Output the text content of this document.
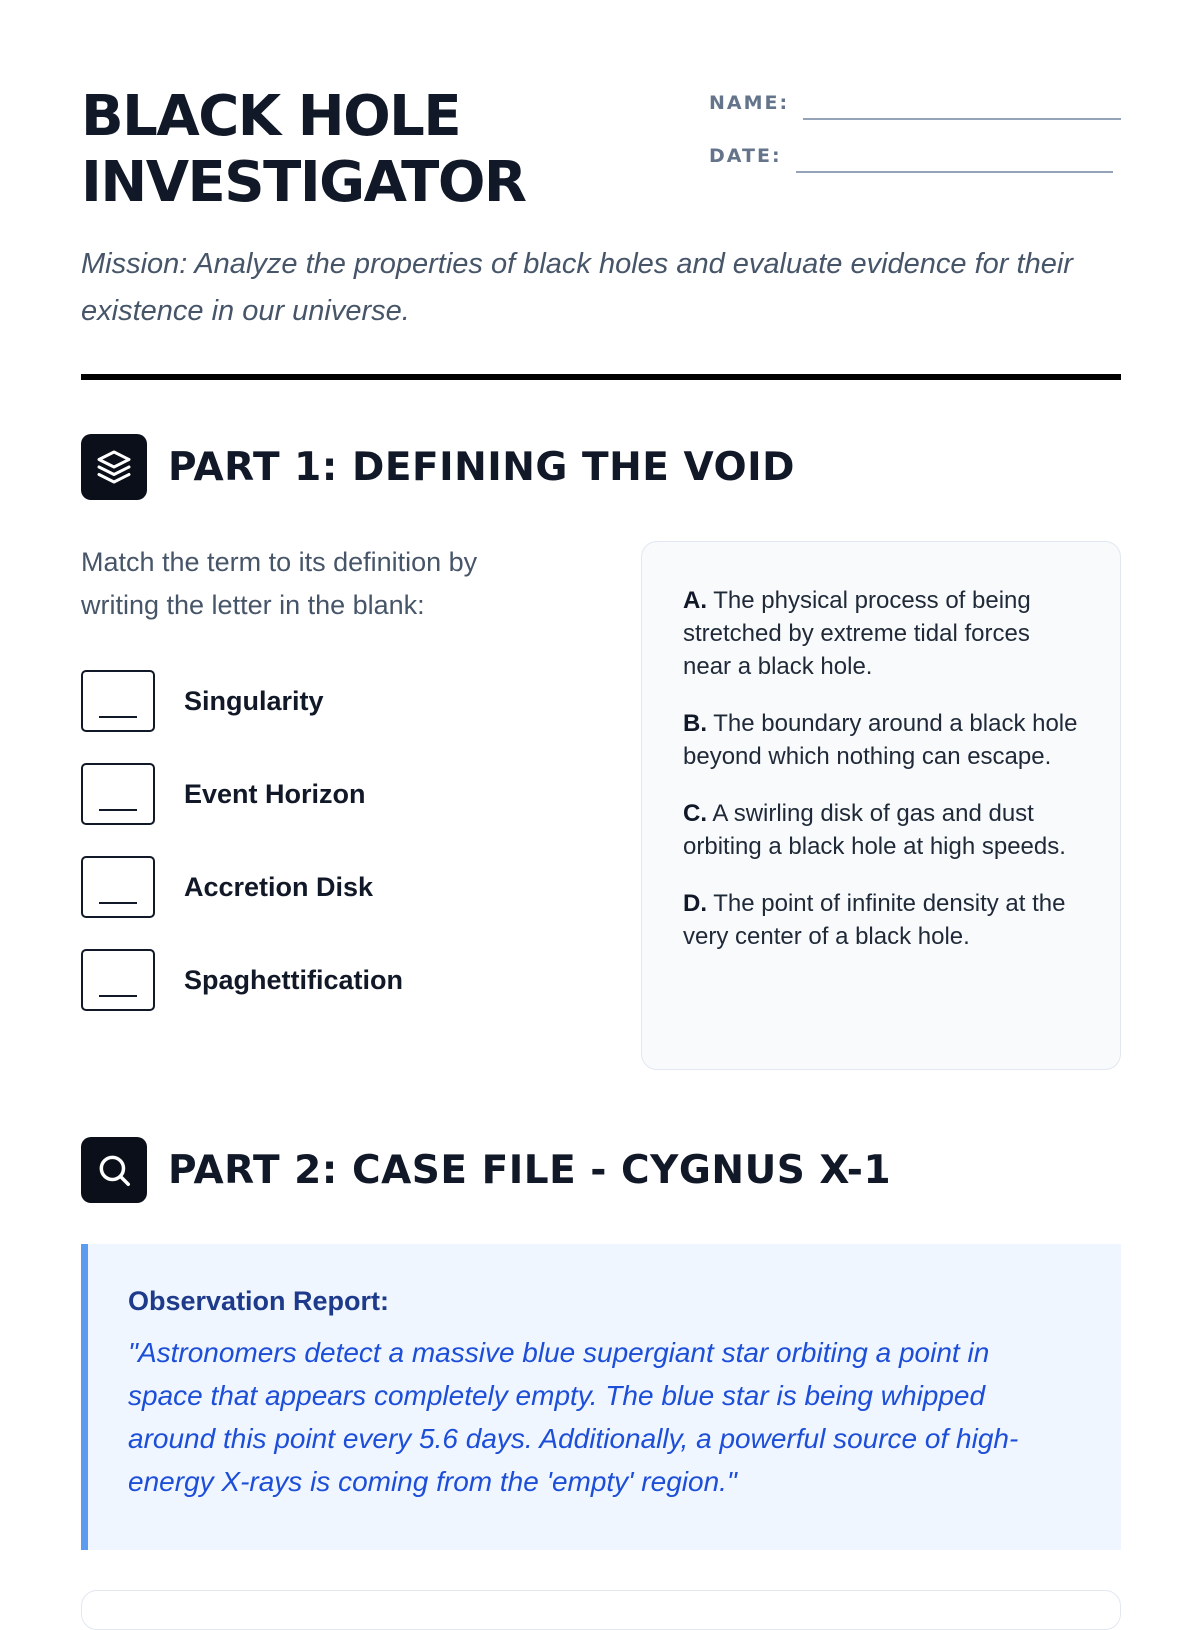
BLACK HOLE
INVESTIGATOR
NAME:
DATE:

Mission: Analyze the properties of black holes and evaluate evidence for their existence in our universe.

PART 1: DEFINING THE VOID

Match the term to its definition by writing the letter in the blank:

Singularity
Event Horizon
Accretion Disk
Spaghettification

A. The physical process of being stretched by extreme tidal forces near a black hole.

B. The boundary around a black hole beyond which nothing can escape.

C. A swirling disk of gas and dust orbiting a black hole at high speeds.

D. The point of infinite density at the very center of a black hole.

PART 2: CASE FILE - CYGNUS X-1

Observation Report:

"Astronomers detect a massive blue supergiant star orbiting a point in space that appears completely empty. The blue star is being whipped around this point every 5.6 days. Additionally, a powerful source of high-energy X-rays is coming from the 'empty' region."
